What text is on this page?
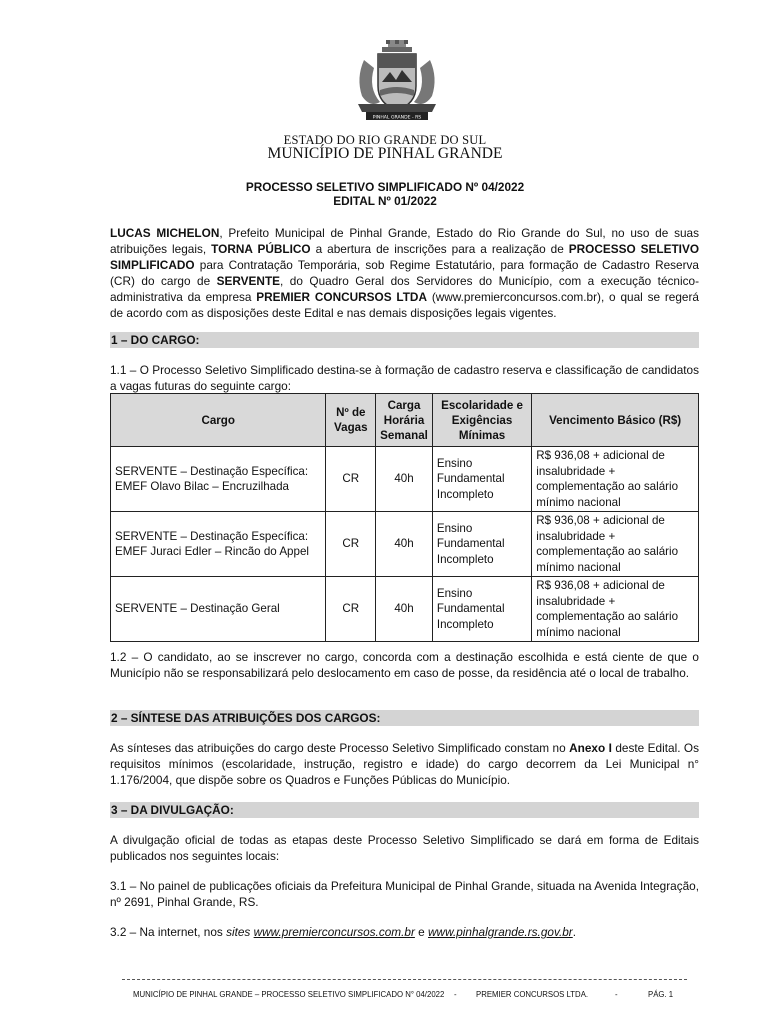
PINHAL GRANDE - RS
ESTADO DO RIO GRANDE DO SUL
MUNICÍPIO DE PINHAL GRANDE
PROCESSO SELETIVO SIMPLIFICADO Nº 04/2022
EDITAL Nº 01/2022
LUCAS MICHELON, Prefeito Municipal de Pinhal Grande, Estado do Rio Grande do Sul, no uso de suas atribuições legais, TORNA PÚBLICO a abertura de inscrições para a realização de PROCESSO SELETIVO SIMPLIFICADO para Contratação Temporária, sob Regime Estatutário, para formação de Cadastro Reserva (CR) do cargo de SERVENTE, do Quadro Geral dos Servidores do Município, com a execução técnico-administrativa da empresa PREMIER CONCURSOS LTDA (www.premierconcursos.com.br), o qual se regerá de acordo com as disposições deste Edital e nas demais disposições legais vigentes.
1 – DO CARGO:
1.1 – O Processo Seletivo Simplificado destina-se à formação de cadastro reserva e classificação de candidatos a vagas futuras do seguinte cargo:
Cargo	Nº de Vagas	Carga Horária Semanal	Escolaridade e Exigências Mínimas	Vencimento Básico (R$)
SERVENTE – Destinação Específica: EMEF Olavo Bilac – Encruzilhada	CR	40h	Ensino Fundamental Incompleto	R$ 936,08 + adicional de insalubridade + complementação ao salário mínimo nacional
SERVENTE – Destinação Específica: EMEF Juraci Edler – Rincão do Appel	CR	40h	Ensino Fundamental Incompleto	R$ 936,08 + adicional de insalubridade + complementação ao salário mínimo nacional
SERVENTE – Destinação Geral	CR	40h	Ensino Fundamental Incompleto	R$ 936,08 + adicional de insalubridade + complementação ao salário mínimo nacional
1.2 – O candidato, ao se inscrever no cargo, concorda com a destinação escolhida e está ciente de que o Município não se responsabilizará pelo deslocamento em caso de posse, da residência até o local de trabalho.
2 – SÍNTESE DAS ATRIBUIÇÕES DOS CARGOS:
As sínteses das atribuições do cargo deste Processo Seletivo Simplificado constam no Anexo I deste Edital. Os requisitos mínimos (escolaridade, instrução, registro e idade) do cargo decorrem da Lei Municipal n° 1.176/2004, que dispõe sobre os Quadros e Funções Públicas do Município.
3 – DA DIVULGAÇÃO:
A divulgação oficial de todas as etapas deste Processo Seletivo Simplificado se dará em forma de Editais publicados nos seguintes locais:
3.1 – No painel de publicações oficiais da Prefeitura Municipal de Pinhal Grande, situada na Avenida Integração, nº 2691, Pinhal Grande, RS.
3.2 – Na internet, nos sites www.premierconcursos.com.br e www.pinhalgrande.rs.gov.br.
MUNICÍPIO DE PINHAL GRANDE – PROCESSO SELETIVO SIMPLIFICADO N° 04/2022 - PREMIER CONCURSOS LTDA.	-	PÁG. 1
